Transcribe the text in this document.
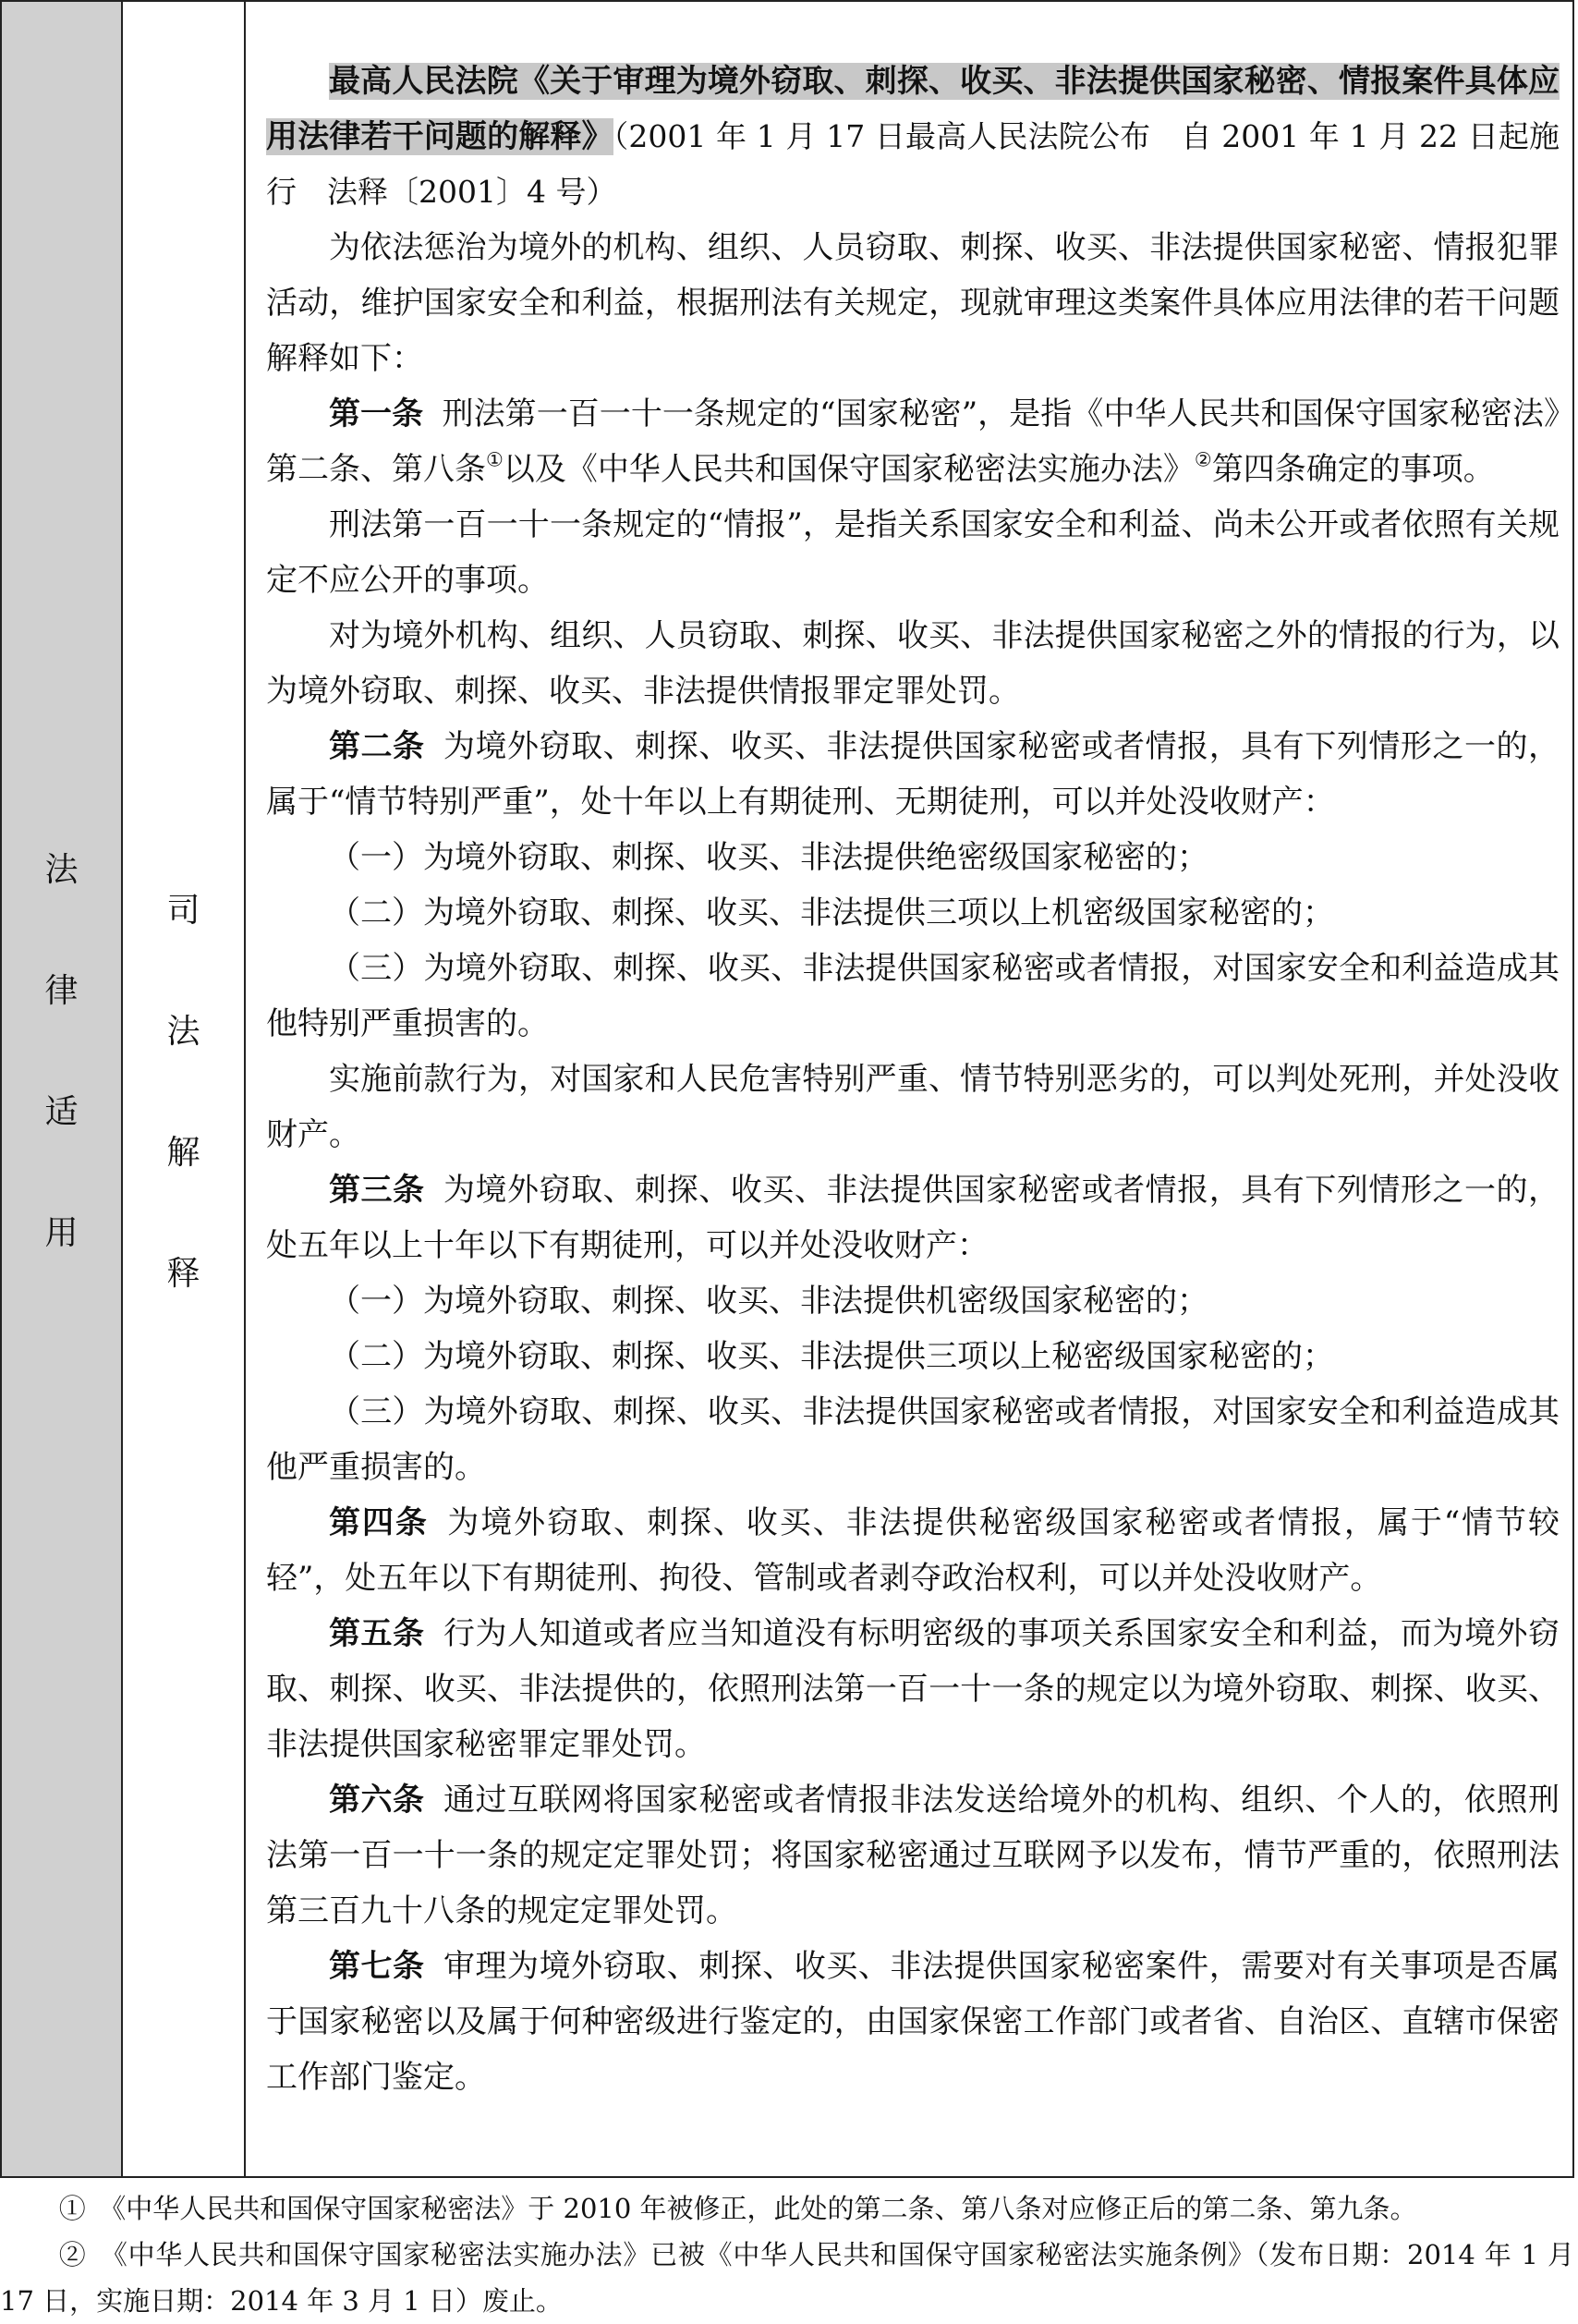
法
律
适
用
司
法
解
释

最高人民法院《关于审理为境外窃取、刺探、收买、非法提供国家秘密、情报案件具体应用法律若干问题的解释》（2001 年 1 月 17 日最高人民法院公布　自 2001 年 1 月 22 日起施行　法释〔2001〕4 号）

为依法惩治为境外的机构、组织、人员窃取、刺探、收买、非法提供国家秘密、情报犯罪活动，维护国家安全和利益，根据刑法有关规定，现就审理这类案件具体应用法律的若干问题解释如下：

第一条 刑法第一百一十一条规定的“国家秘密”，是指《中华人民共和国保守国家秘密法》第二条、第八条①以及《中华人民共和国保守国家秘密法实施办法》②第四条确定的事项。

刑法第一百一十一条规定的“情报”，是指关系国家安全和利益、尚未公开或者依照有关规定不应公开的事项。

对为境外机构、组织、人员窃取、刺探、收买、非法提供国家秘密之外的情报的行为，以为境外窃取、刺探、收买、非法提供情报罪定罪处罚。

第二条 为境外窃取、刺探、收买、非法提供国家秘密或者情报，具有下列情形之一的，属于“情节特别严重”，处十年以上有期徒刑、无期徒刑，可以并处没收财产：

（一）为境外窃取、刺探、收买、非法提供绝密级国家秘密的；

（二）为境外窃取、刺探、收买、非法提供三项以上机密级国家秘密的；

（三）为境外窃取、刺探、收买、非法提供国家秘密或者情报，对国家安全和利益造成其他特别严重损害的。

实施前款行为，对国家和人民危害特别严重、情节特别恶劣的，可以判处死刑，并处没收财产。

第三条 为境外窃取、刺探、收买、非法提供国家秘密或者情报，具有下列情形之一的，处五年以上十年以下有期徒刑，可以并处没收财产：

（一）为境外窃取、刺探、收买、非法提供机密级国家秘密的；

（二）为境外窃取、刺探、收买、非法提供三项以上秘密级国家秘密的；

（三）为境外窃取、刺探、收买、非法提供国家秘密或者情报，对国家安全和利益造成其他严重损害的。

第四条 为境外窃取、刺探、收买、非法提供秘密级国家秘密或者情报，属于“情节较轻”，处五年以下有期徒刑、拘役、管制或者剥夺政治权利，可以并处没收财产。

第五条 行为人知道或者应当知道没有标明密级的事项关系国家安全和利益，而为境外窃取、刺探、收买、非法提供的，依照刑法第一百一十一条的规定以为境外窃取、刺探、收买、非法提供国家秘密罪定罪处罚。

第六条 通过互联网将国家秘密或者情报非法发送给境外的机构、组织、个人的，依照刑法第一百一十一条的规定定罪处罚；将国家秘密通过互联网予以发布，情节严重的，依照刑法第三百九十八条的规定定罪处罚。

第七条 审理为境外窃取、刺探、收买、非法提供国家秘密案件，需要对有关事项是否属于国家秘密以及属于何种密级进行鉴定的，由国家保密工作部门或者省、自治区、直辖市保密工作部门鉴定。

①　《中华人民共和国保守国家秘密法》于 2010 年被修正，此处的第二条、第八条对应修正后的第二条、第九条。

②　《中华人民共和国保守国家秘密法实施办法》已被《中华人民共和国保守国家秘密法实施条例》（发布日期：2014 年 1 月 17 日，实施日期：2014 年 3 月 1 日）废止。
